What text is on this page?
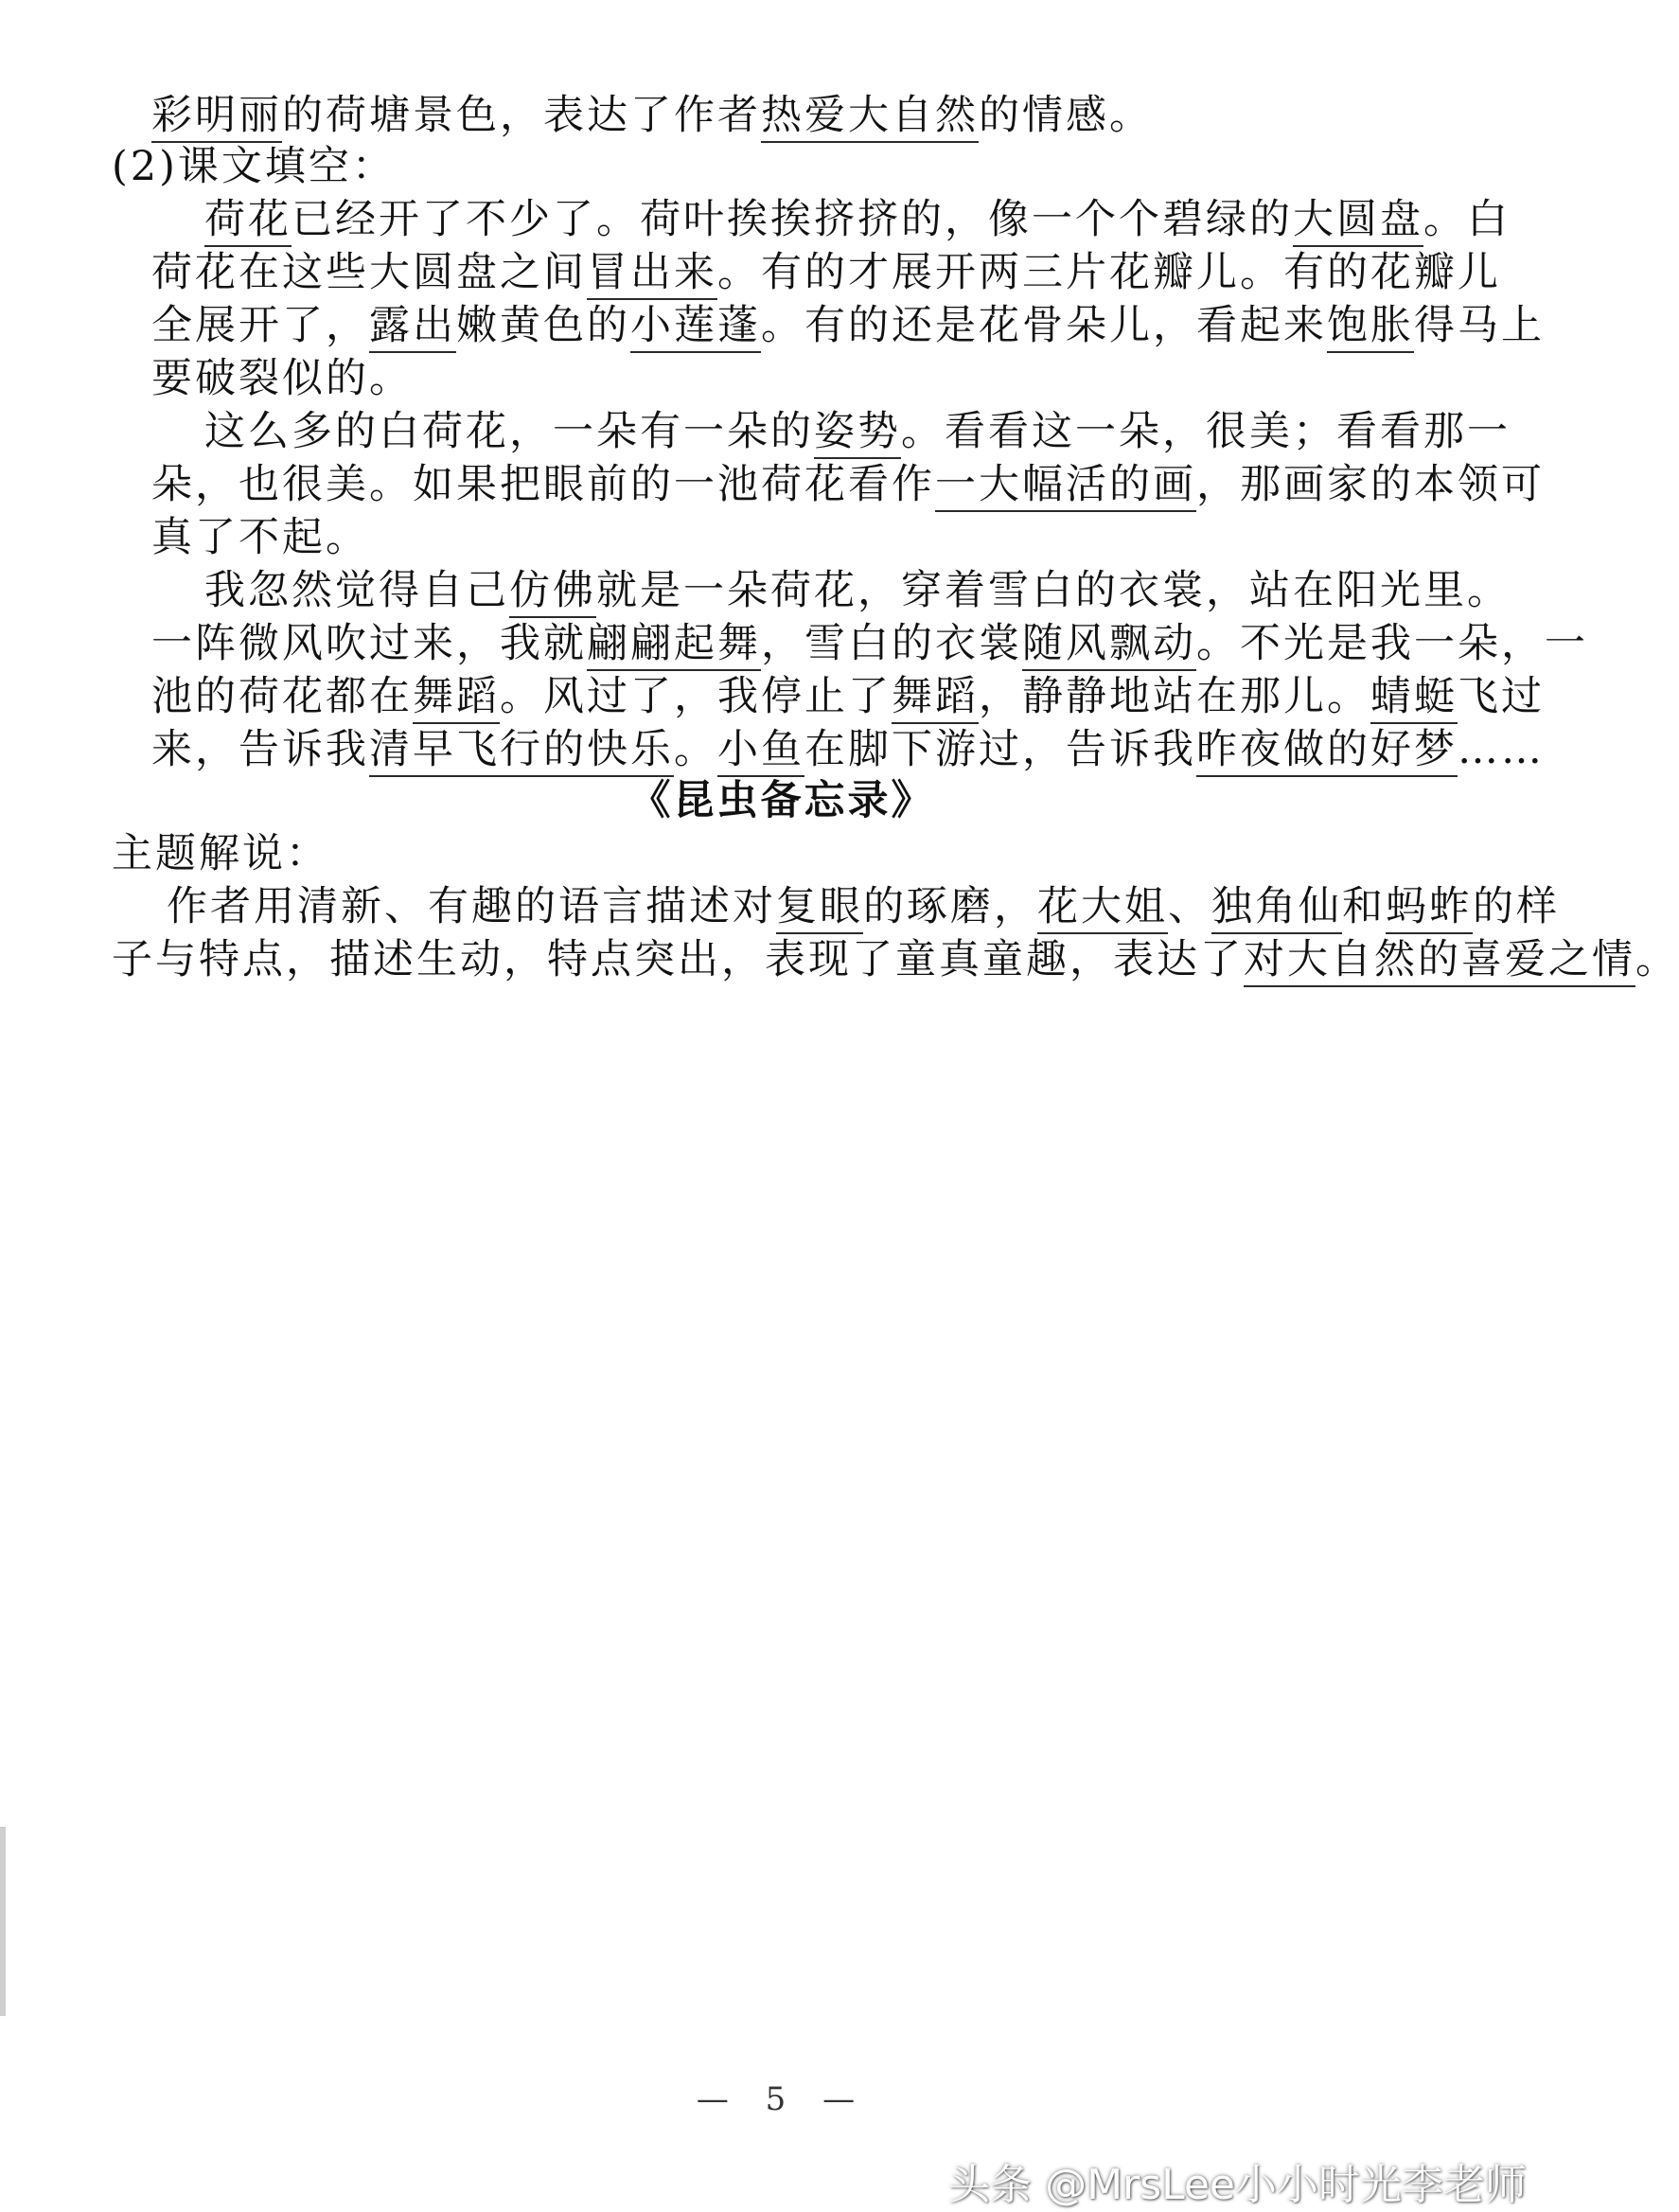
彩明丽的荷塘景色，表达了作者热爱大自然的情感。
(2)课文填空：
荷花已经开了不少了。荷叶挨挨挤挤的，像一个个碧绿的大圆盘。白
荷花在这些大圆盘之间冒出来。有的才展开两三片花瓣儿。有的花瓣儿
全展开了，露出嫩黄色的小莲蓬。有的还是花骨朵儿，看起来饱胀得马上
要破裂似的。
这么多的白荷花，一朵有一朵的姿势。看看这一朵，很美；看看那一
朵，也很美。如果把眼前的一池荷花看作一大幅活的画，那画家的本领可
真了不起。
我忽然觉得自己仿佛就是一朵荷花，穿着雪白的衣裳，站在阳光里。
一阵微风吹过来，我就翩翩起舞，雪白的衣裳随风飘动。不光是我一朵，一
池的荷花都在舞蹈。风过了，我停止了舞蹈，静静地站在那儿。蜻蜓飞过
来，告诉我清早飞行的快乐。小鱼在脚下游过，告诉我昨夜做的好梦……
《昆虫备忘录》
主题解说：
作者用清新、有趣的语言描述对复眼的琢磨，花大姐、独角仙和蚂蚱的样
子与特点，描述生动，特点突出，表现了童真童趣，表达了对大自然的喜爱之情。
— 5 —
头条 @MrsLee小小时光李老师
